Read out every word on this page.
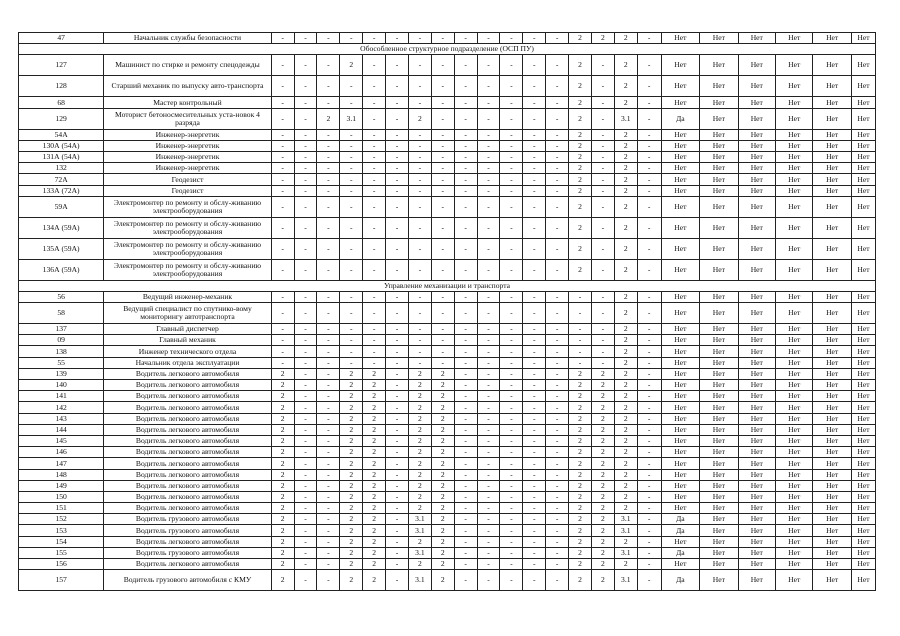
47	Начальник службы безопасности	-	-	-	-	-	-	-	-	-	-	-	-	-	2	2	2	-	Нет	Нет	Нет	Нет	Нет	Нет
Обособленное структурное подразделение (ОСП ПУ)																								
127	Машинист по стирке и ремонту спецодежды	-	-	-	2	-	-	-	-	-	-	-	-	-	2	-	2	-	Нет	Нет	Нет	Нет	Нет	Нет
128	Старший механик по выпуску авто-транспорта	-	-	-	-	-	-	-	-	-	-	-	-	-	2	-	2	-	Нет	Нет	Нет	Нет	Нет	Нет
68	Мастер контрольный	-	-	-	-	-	-	-	-	-	-	-	-	-	2	-	2	-	Нет	Нет	Нет	Нет	Нет	Нет
129	Моторист бетоносмесительных уста-новок 4 разряда	-	-	2	3.1	-	-	2	-	-	-	-	-	-	2	-	3.1	-	Да	Нет	Нет	Нет	Нет	Нет
54А	Инженер-энергетик	-	-	-	-	-	-	-	-	-	-	-	-	-	2	-	2	-	Нет	Нет	Нет	Нет	Нет	Нет
130А (54А)	Инженер-энергетик	-	-	-	-	-	-	-	-	-	-	-	-	-	2	-	2	-	Нет	Нет	Нет	Нет	Нет	Нет
131А (54А)	Инженер-энергетик	-	-	-	-	-	-	-	-	-	-	-	-	-	2	-	2	-	Нет	Нет	Нет	Нет	Нет	Нет
132	Инженер-энергетик	-	-	-	-	-	-	-	-	-	-	-	-	-	2	-	2	-	Нет	Нет	Нет	Нет	Нет	Нет
72А	Геодезист	-	-	-	-	-	-	-	-	-	-	-	-	-	2	-	2	-	Нет	Нет	Нет	Нет	Нет	Нет
133А (72А)	Геодезист	-	-	-	-	-	-	-	-	-	-	-	-	-	2	-	2	-	Нет	Нет	Нет	Нет	Нет	Нет
59А	Электромонтер по ремонту и обслу-живанию электрооборудования	-	-	-	-	-	-	-	-	-	-	-	-	-	2	-	2	-	Нет	Нет	Нет	Нет	Нет	Нет
134А (59А)	Электромонтер по ремонту и обслу-живанию электрооборудования	-	-	-	-	-	-	-	-	-	-	-	-	-	2	-	2	-	Нет	Нет	Нет	Нет	Нет	Нет
135А (59А)	Электромонтер по ремонту и обслу-живанию электрооборудования	-	-	-	-	-	-	-	-	-	-	-	-	-	2	-	2	-	Нет	Нет	Нет	Нет	Нет	Нет
136А (59А)	Электромонтер по ремонту и обслу-живанию электрооборудования	-	-	-	-	-	-	-	-	-	-	-	-	-	2	-	2	-	Нет	Нет	Нет	Нет	Нет	Нет
Управление механизации и транспорта																								
56	Ведущий инженер-механик	-	-	-	-	-	-	-	-	-	-	-	-	-	-	-	2	-	Нет	Нет	Нет	Нет	Нет	Нет
58	Ведущий специалист по спутнико-вому мониторингу автотранспорта	-	-	-	-	-	-	-	-	-	-	-	-	-	-	-	2	-	Нет	Нет	Нет	Нет	Нет	Нет
137	Главный диспетчер	-	-	-	-	-	-	-	-	-	-	-	-	-	-	-	2	-	Нет	Нет	Нет	Нет	Нет	Нет
09	Главный механик	-	-	-	-	-	-	-	-	-	-	-	-	-	-	-	2	-	Нет	Нет	Нет	Нет	Нет	Нет
138	Инженер технического отдела	-	-	-	-	-	-	-	-	-	-	-	-	-	-	-	2	-	Нет	Нет	Нет	Нет	Нет	Нет
55	Начальник отдела эксплуатации	-	-	-	-	-	-	-	-	-	-	-	-	-	-	-	2	-	Нет	Нет	Нет	Нет	Нет	Нет
139	Водитель легкового автомобиля	2	-	-	2	2	-	2	2	-	-	-	-	-	2	2	2	-	Нет	Нет	Нет	Нет	Нет	Нет
140	Водитель легкового автомобиля	2	-	-	2	2	-	2	2	-	-	-	-	-	2	2	2	-	Нет	Нет	Нет	Нет	Нет	Нет
141	Водитель легкового автомобиля	2	-	-	2	2	-	2	2	-	-	-	-	-	2	2	2	-	Нет	Нет	Нет	Нет	Нет	Нет
142	Водитель легкового автомобиля	2	-	-	2	2	-	2	2	-	-	-	-	-	2	2	2	-	Нет	Нет	Нет	Нет	Нет	Нет
143	Водитель легкового автомобиля	2	-	-	2	2	-	2	2	-	-	-	-	-	2	2	2	-	Нет	Нет	Нет	Нет	Нет	Нет
144	Водитель легкового автомобиля	2	-	-	2	2	-	2	2	-	-	-	-	-	2	2	2	-	Нет	Нет	Нет	Нет	Нет	Нет
145	Водитель легкового автомобиля	2	-	-	2	2	-	2	2	-	-	-	-	-	2	2	2	-	Нет	Нет	Нет	Нет	Нет	Нет
146	Водитель легкового автомобиля	2	-	-	2	2	-	2	2	-	-	-	-	-	2	2	2	-	Нет	Нет	Нет	Нет	Нет	Нет
147	Водитель легкового автомобиля	2	-	-	2	2	-	2	2	-	-	-	-	-	2	2	2	-	Нет	Нет	Нет	Нет	Нет	Нет
148	Водитель легкового автомобиля	2	-	-	2	2	-	2	2	-	-	-	-	-	2	2	2	-	Нет	Нет	Нет	Нет	Нет	Нет
149	Водитель легкового автомобиля	2	-	-	2	2	-	2	2	-	-	-	-	-	2	2	2	-	Нет	Нет	Нет	Нет	Нет	Нет
150	Водитель легкового автомобиля	2	-	-	2	2	-	2	2	-	-	-	-	-	2	2	2	-	Нет	Нет	Нет	Нет	Нет	Нет
151	Водитель легкового автомобиля	2	-	-	2	2	-	2	2	-	-	-	-	-	2	2	2	-	Нет	Нет	Нет	Нет	Нет	Нет
152	Водитель грузового автомобиля	2	-	-	2	2	-	3.1	2	-	-	-	-	-	2	2	3.1	-	Да	Нет	Нет	Нет	Нет	Нет
153	Водитель грузового автомобиля	2	-	-	2	2	-	3.1	2	-	-	-	-	-	2	2	3.1	-	Да	Нет	Нет	Нет	Нет	Нет
154	Водитель легкового автомобиля	2	-	-	2	2	-	2	2	-	-	-	-	-	2	2	2	-	Нет	Нет	Нет	Нет	Нет	Нет
155	Водитель грузового автомобиля	2	-	-	2	2	-	3.1	2	-	-	-	-	-	2	2	3.1	-	Да	Нет	Нет	Нет	Нет	Нет
156	Водитель легкового автомобиля	2	-	-	2	2	-	2	2	-	-	-	-	-	2	2	2	-	Нет	Нет	Нет	Нет	Нет	Нет
157	Водитель грузового автомобиля с КМУ	2	-	-	2	2	-	3.1	2	-	-	-	-	-	2	2	3.1	-	Да	Нет	Нет	Нет	Нет	Нет
